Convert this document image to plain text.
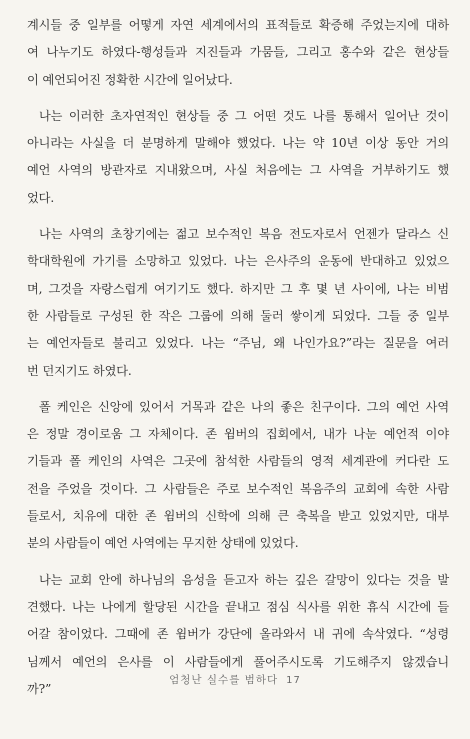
계시들 중 일부를 어떻게 자연 세계에서의 표적들로 확증해 주었는지에 대하
여 나누기도 하였다-행성들과 지진들과 가뭄들, 그리고 홍수와 같은 현상들
이 예언되어진 정확한 시간에 일어났다.
나는 이러한 초자연적인 현상들 중 그 어떤 것도 나를 통해서 일어난 것이
아니라는 사실을 더 분명하게 말해야 했었다. 나는 약 10년 이상 동안 거의
예언 사역의 방관자로 지내왔으며, 사실 처음에는 그 사역을 거부하기도 했
었다.
나는 사역의 초창기에는 젊고 보수적인 복음 전도자로서 언젠가 달라스 신
학대학원에 가기를 소망하고 있었다. 나는 은사주의 운동에 반대하고 있었으
며, 그것을 자랑스럽게 여기기도 했다. 하지만 그 후 몇 년 사이에, 나는 비범
한 사람들로 구성된 한 작은 그룹에 의해 둘러 쌓이게 되었다. 그들 중 일부
는 예언자들로 불리고 있었다. 나는 “주님, 왜 나인가요?”라는 질문을 여러
번 던지기도 하였다.
폴 케인은 신앙에 있어서 거목과 같은 나의 좋은 친구이다. 그의 예언 사역
은 정말 경이로움 그 자체이다. 존 윔버의 집회에서, 내가 나눈 예언적 이야
기들과 폴 케인의 사역은 그곳에 참석한 사람들의 영적 세계관에 커다란 도
전을 주었을 것이다. 그 사람들은 주로 보수적인 복음주의 교회에 속한 사람
들로서, 치유에 대한 존 윔버의 신학에 의해 큰 축복을 받고 있었지만, 대부
분의 사람들이 예언 사역에는 무지한 상태에 있었다.
나는 교회 안에 하나님의 음성을 듣고자 하는 깊은 갈망이 있다는 것을 발
견했다. 나는 나에게 할당된 시간을 끝내고 점심 식사를 위한 휴식 시간에 들
어갈 참이었다. 그때에 존 윔버가 강단에 올라와서 내 귀에 속삭였다. “성령
님께서 예언의 은사를 이 사람들에게 풀어주시도록 기도해주지 않겠습니
까?”
엄청난 실수를 범하다 17
